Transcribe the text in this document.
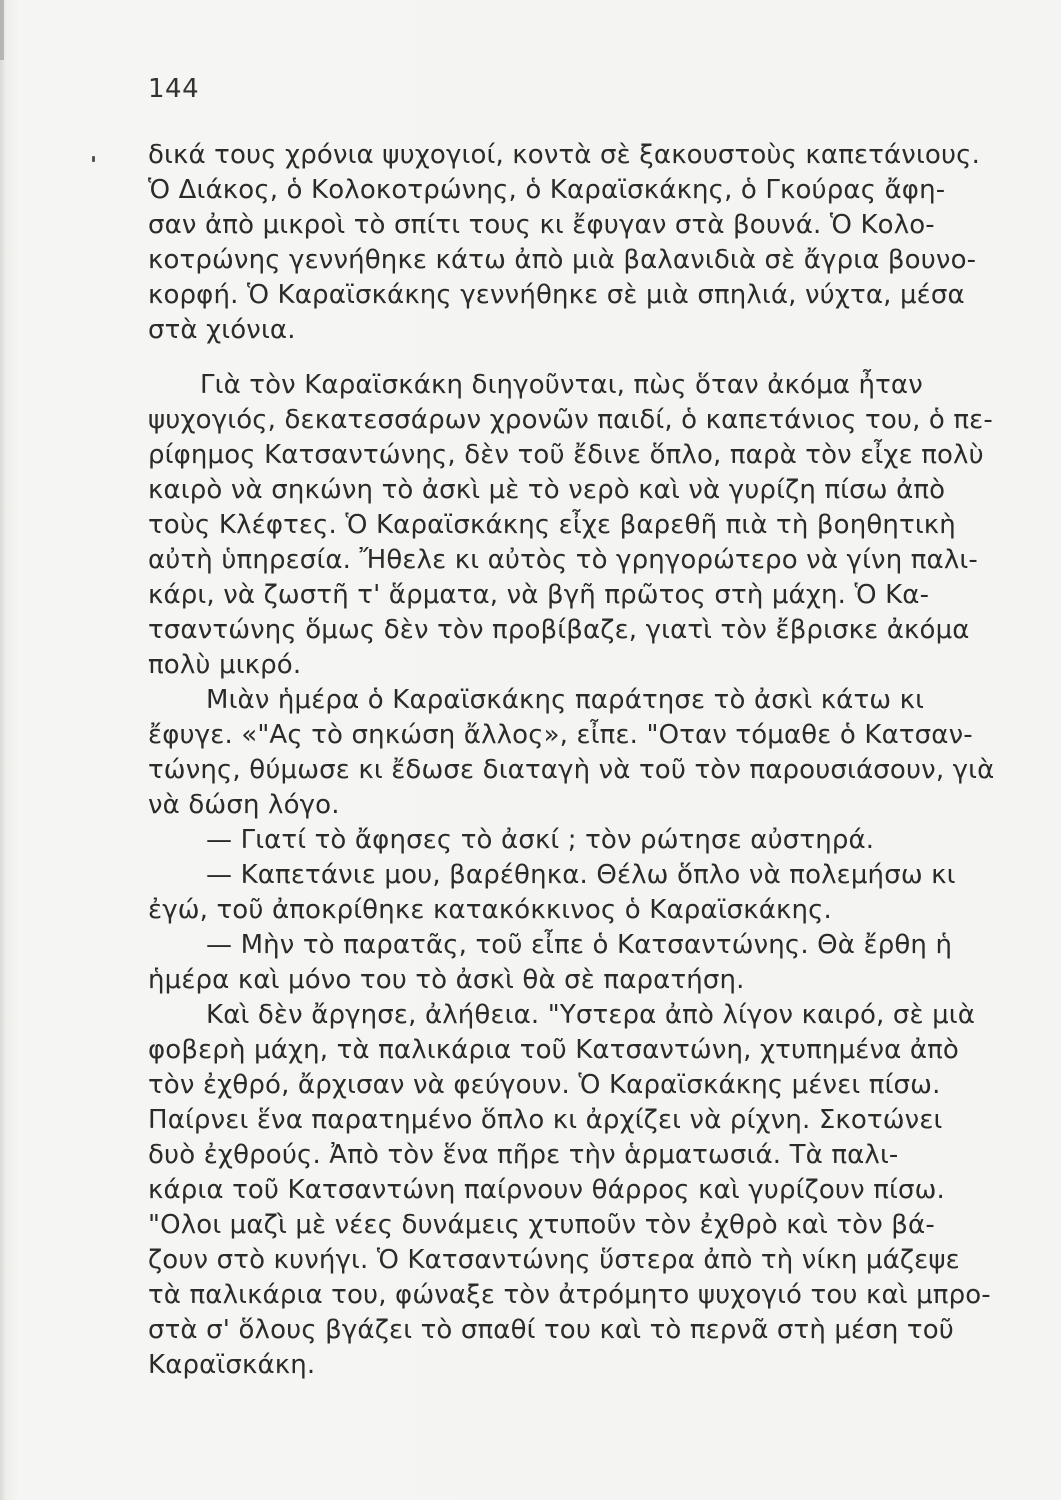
144
δικά τους χρόνια ψυχογιοί, κοντὰ σὲ ξακουστοὺς καπετάνιους.
Ὁ Διάκος, ὁ Κολοκοτρώνης, ὁ Καραϊσκάκης, ὁ Γκούρας ἄφη-
σαν ἀπὸ μικροὶ τὸ σπίτι τους κι ἔφυγαν στὰ βουνά. Ὁ Κολο-
κοτρώνης γεννήθηκε κάτω ἀπὸ μιὰ βαλανιδιὰ σὲ ἄγρια βουνο-
κορφή. Ὁ Καραϊσκάκης γεννήθηκε σὲ μιὰ σπηλιά, νύχτα, μέσα
στὰ χιόνια.
Γιὰ τὸν Καραϊσκάκη διηγοῦνται, πὼς ὅταν ἀκόμα ἦταν
ψυχογιός, δεκατεσσάρων χρονῶν παιδί, ὁ καπετάνιος του, ὁ πε-
ρίφημος Κατσαντώνης, δὲν τοῦ ἔδινε ὅπλο, παρὰ τὸν εἶχε πολὺ
καιρὸ νὰ σηκώνη τὸ ἀσκὶ μὲ τὸ νερὸ καὶ νὰ γυρίζη πίσω ἀπὸ
τοὺς Κλέφτες. Ὁ Καραϊσκάκης εἶχε βαρεθῆ πιὰ τὴ βοηθητικὴ
αὐτὴ ὑπηρεσία. Ἤθελε κι αὐτὸς τὸ γρηγορώτερο νὰ γίνη παλι-
κάρι, νὰ ζωστῆ τ' ἅρματα, νὰ βγῆ πρῶτος στὴ μάχη. Ὁ Κα-
τσαντώνης ὅμως δὲν τὸν προβίβαζε, γιατὶ τὸν ἔβρισκε ἀκόμα
πολὺ μικρό.
Μιὰν ἡμέρα ὁ Καραϊσκάκης παράτησε τὸ ἀσκὶ κάτω κι
ἔφυγε. «"Ας τὸ σηκώση ἄλλος», εἶπε. "Οταν τόμαθε ὁ Κατσαν-
τώνης, θύμωσε κι ἔδωσε διαταγὴ νὰ τοῦ τὸν παρουσιάσουν, γιὰ
νὰ δώση λόγο.
— Γιατί τὸ ἄφησες τὸ ἀσκί ; τὸν ρώτησε αὐστηρά.
— Καπετάνιε μου, βαρέθηκα. Θέλω ὅπλο νὰ πολεμήσω κι
ἐγώ, τοῦ ἀποκρίθηκε κατακόκκινος ὁ Καραϊσκάκης.
— Μὴν τὸ παρατᾶς, τοῦ εἶπε ὁ Κατσαντώνης. Θὰ ἔρθη ἡ
ἡμέρα καὶ μόνο του τὸ ἀσκὶ θὰ σὲ παρατήση.
Καὶ δὲν ἄργησε, ἀλήθεια. "Υστερα ἀπὸ λίγον καιρό, σὲ μιὰ
φοβερὴ μάχη, τὰ παλικάρια τοῦ Κατσαντώνη, χτυπημένα ἀπὸ
τὸν ἐχθρό, ἄρχισαν νὰ φεύγουν. Ὁ Καραϊσκάκης μένει πίσω.
Παίρνει ἕνα παρατημένο ὅπλο κι ἀρχίζει νὰ ρίχνη. Σκοτώνει
δυὸ ἐχθρούς. Ἀπὸ τὸν ἕνα πῆρε τὴν ἁρματωσιά. Τὰ παλι-
κάρια τοῦ Κατσαντώνη παίρνουν θάρρος καὶ γυρίζουν πίσω.
"Ολοι μαζὶ μὲ νέες δυνάμεις χτυποῦν τὸν ἐχθρὸ καὶ τὸν βά-
ζουν στὸ κυνήγι. Ὁ Κατσαντώνης ὕστερα ἀπὸ τὴ νίκη μάζεψε
τὰ παλικάρια του, φώναξε τὸν ἀτρόμητο ψυχογιό του καὶ μπρο-
στὰ σ' ὅλους βγάζει τὸ σπαθί του καὶ τὸ περνᾶ στὴ μέση τοῦ
Καραϊσκάκη.
